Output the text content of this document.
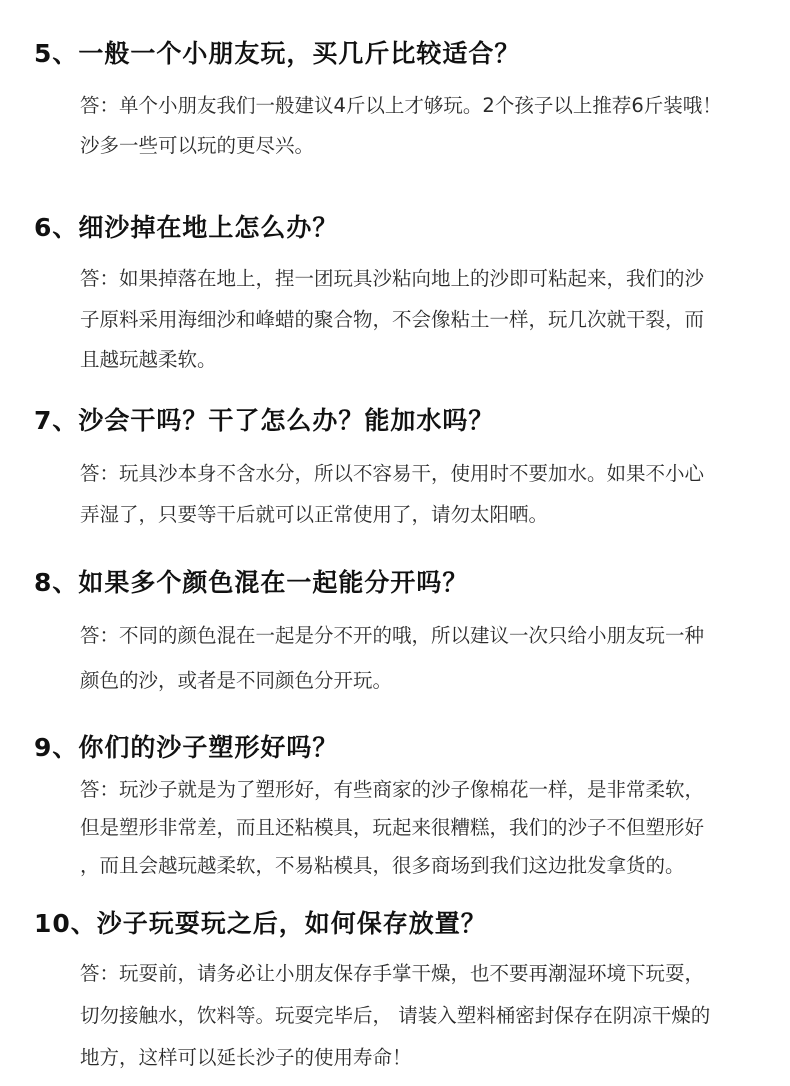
5、一般一个小朋友玩，买几斤比较适合？
答：单个小朋友我们一般建议4斤以上才够玩。2个孩子以上推荐6斤装哦！
沙多一些可以玩的更尽兴。
6、细沙掉在地上怎么办？
答：如果掉落在地上，捏一团玩具沙粘向地上的沙即可粘起来，我们的沙
子原料采用海细沙和峰蜡的聚合物，不会像粘土一样，玩几次就干裂，而
且越玩越柔软。
7、沙会干吗？干了怎么办？能加水吗？
答：玩具沙本身不含水分，所以不容易干，使用时不要加水。如果不小心
弄湿了，只要等干后就可以正常使用了，请勿太阳晒。
8、如果多个颜色混在一起能分开吗？
答：不同的颜色混在一起是分不开的哦，所以建议一次只给小朋友玩一种
颜色的沙，或者是不同颜色分开玩。
9、你们的沙子塑形好吗？
答：玩沙子就是为了塑形好，有些商家的沙子像棉花一样，是非常柔软，
但是塑形非常差，而且还粘模具，玩起来很糟糕，我们的沙子不但塑形好
，而且会越玩越柔软，不易粘模具，很多商场到我们这边批发拿货的。
10、沙子玩耍玩之后，如何保存放置？
答：玩耍前，请务必让小朋友保存手掌干燥，也不要再潮湿环境下玩耍，
切勿接触水，饮料等。玩耍完毕后， 请装入塑料桶密封保存在阴凉干燥的
地方，这样可以延长沙子的使用寿命！
